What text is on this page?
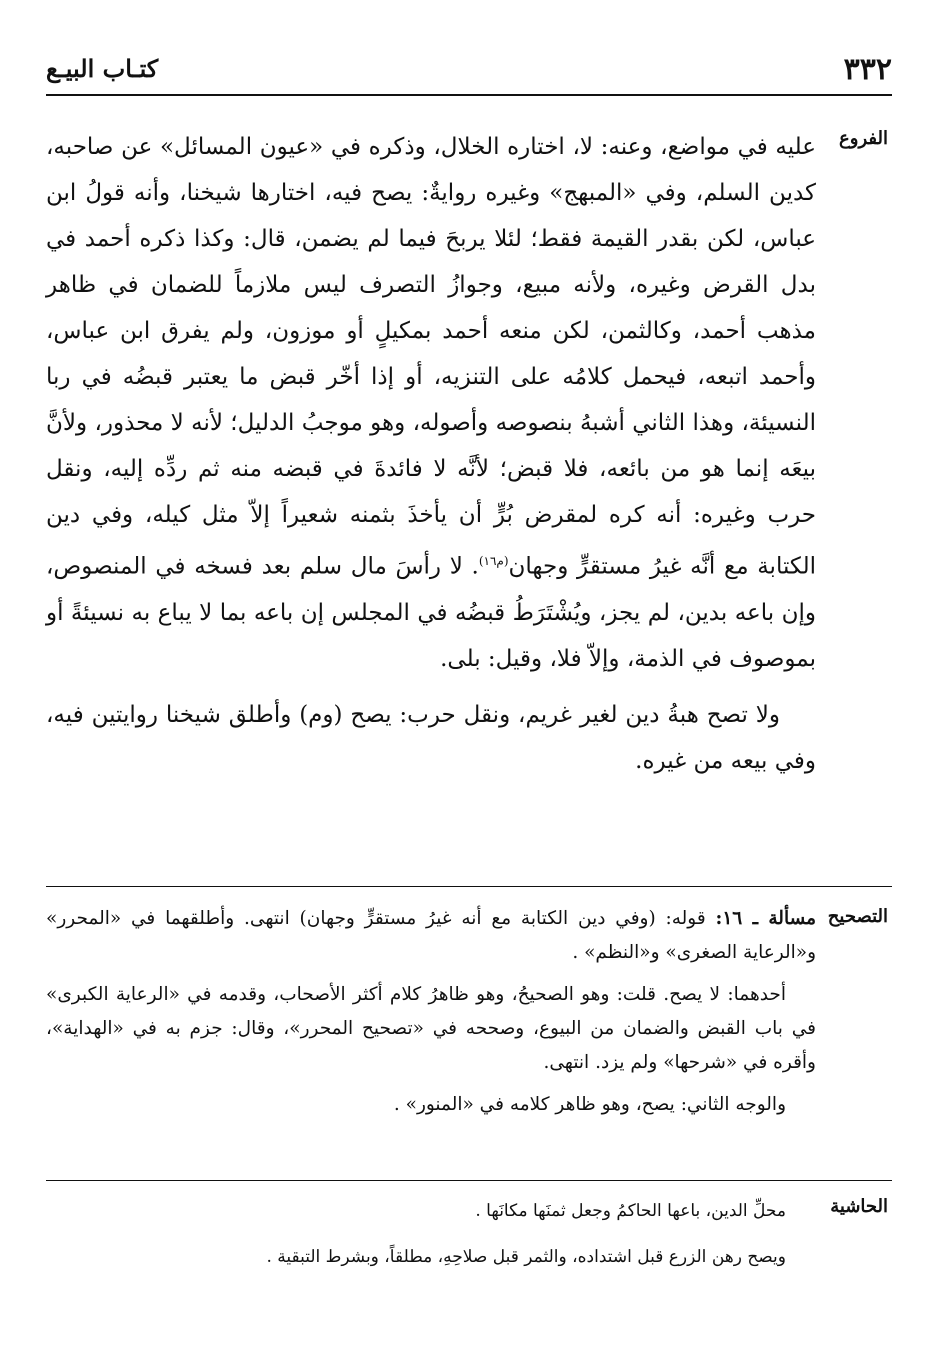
٣٣٢
كتـاب البيـع
الفروع

عليه في مواضع، وعنه: لا، اختاره الخلال، وذكره في «عيون المسائل» عن صاحبه، كدين السلم، وفي «المبهج» وغيره روايةٌ: يصح فيه، اختارها شيخنا، وأنه قولُ ابن عباس، لكن بقدر القيمة فقط؛ لئلا يربحَ فيما لم يضمن، قال: وكذا ذكره أحمد في بدل القرض وغيره، ولأنه مبيع، وجوازُ التصرف ليس ملازماً للضمان في ظاهر مذهب أحمد، وكالثمن، لكن منعه أحمد بمكيلٍ أو موزون، ولم يفرق ابن عباس، وأحمد اتبعه، فيحمل كلامُه على التنزيه، أو إذا أخّر قبض ما يعتبر قبضُه في ربا النسيئة، وهذا الثاني أشبهُ بنصوصه وأصوله، وهو موجبُ الدليل؛ لأنه لا محذور، ولأنَّ بيعَه إنما هو من بائعه، فلا قبض؛ لأنَّه لا فائدةَ في قبضه منه ثم ردِّه إليه، ونقل حرب وغيره: أنه كره لمقرض بُرٍّ أن يأخذَ بثمنه شعيراً إلاّ مثل كيله، وفي دين الكتابة مع أنَّه غيرُ مستقرٍّ وجهان$^{(م١٦)}$. لا رأسَ مال سلم بعد فسخه في المنصوص، وإن باعه بدين، لم يجز، ويُشْتَرَطُ قبضُه في المجلس إن باعه بما لا يباع به نسيئةً أو بموصوف في الذمة، وإلاّ فلا، وقيل: بلى.

ولا تصح هبةُ دين لغير غريم، ونقل حرب: يصح (وم) وأطلق شيخنا روايتين فيه، وفي بيعه من غيره.

التصحيح

مسألة ـ ١٦: قوله: (وفي دين الكتابة مع أنه غيرُ مستقرٍّ وجهان) انتهى. وأطلقهما في «المحرر» و«الرعاية الصغرى» و«النظم» .

أحدهما: لا يصح. قلت: وهو الصحيحُ، وهو ظاهرُ كلام أكثر الأصحاب، وقدمه في «الرعاية الكبرى» في باب القبض والضمان من البيوع، وصححه في «تصحيح المحرر»، وقال: جزم به في «الهداية»، وأقره في «شرحها» ولم يزد. انتهى.

والوجه الثاني: يصح، وهو ظاهر كلامه في «المنور» .

الحاشية

محلِّ الدين، باعها الحاكمُ وجعل ثمنَها مكانَها .

ويصح رهن الزرع قبل اشتداده، والثمر قبل صلاحِهِ، مطلقاً، وبشرط التبقية .
